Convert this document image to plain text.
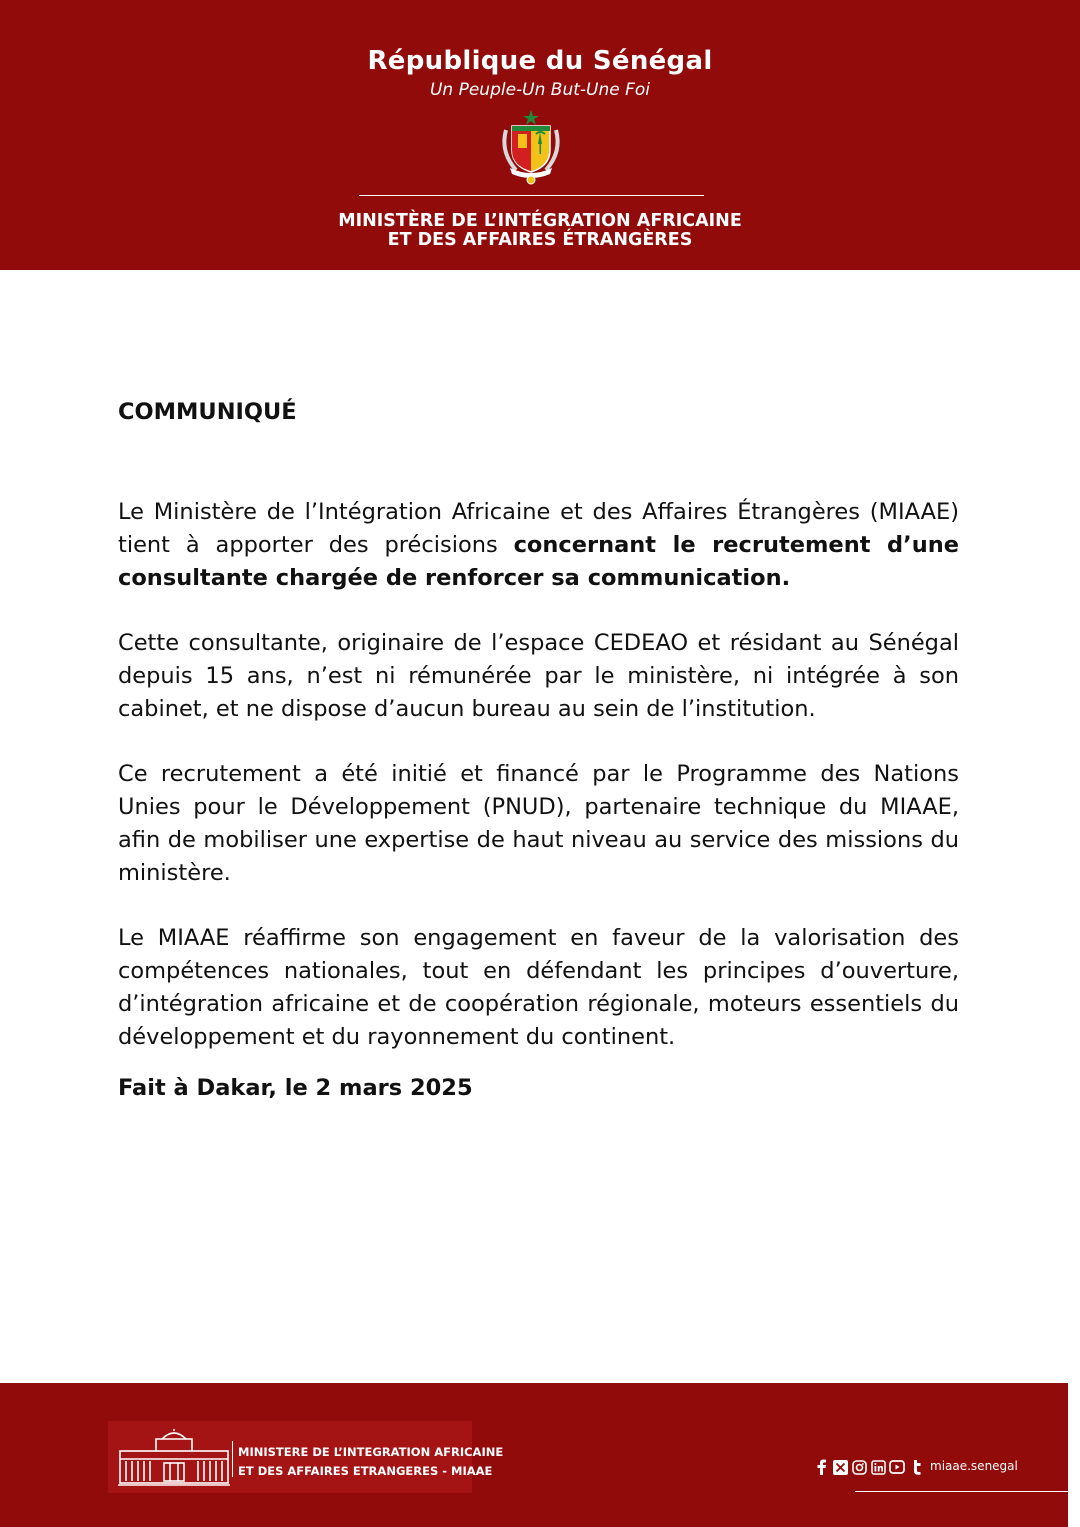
République du Sénégal
Un Peuple-Un But-Une Foi
MINISTÈRE DE L’INTÉGRATION AFRICAINE
ET DES AFFAIRES ÉTRANGÈRES
COMMUNIQUÉ

Le Ministère de l’Intégration Africaine et des Affaires Étrangères (MIAAE) tient à apporter des précisions concernant le recrutement d’une consultante chargée de renforcer sa communication.

Cette consultante, originaire de l’espace CEDEAO et résidant au Sénégal depuis 15 ans, n’est ni rémunérée par le ministère, ni intégrée à son cabinet, et ne dispose d’aucun bureau au sein de l’institution.

Ce recrutement a été initié et financé par le Programme des Nations Unies pour le Développement (PNUD), partenaire technique du MIAAE, afin de mobiliser une expertise de haut niveau au service des missions du ministère.

Le MIAAE réaffirme son engagement en faveur de la valorisation des compétences nationales, tout en défendant les principes d’ouverture, d’intégration africaine et de coopération régionale, moteurs essentiels du développement et du rayonnement du continent.

Fait à Dakar, le 2 mars 2025
MINISTERE DE L’INTEGRATION AFRICAINE
ET DES AFFAIRES ETRANGERES - MIAAE	miaae.senegal
